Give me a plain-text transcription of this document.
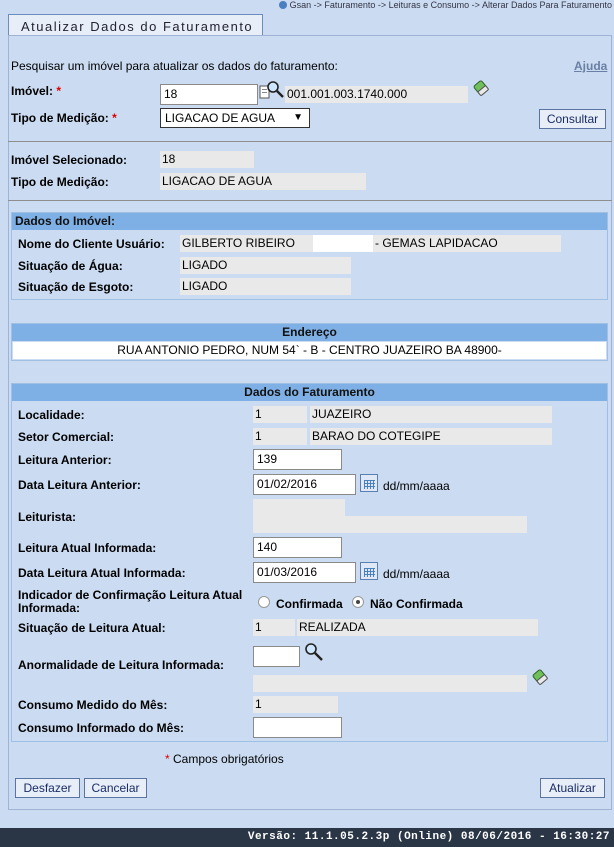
Gsan -> Faturamento -> Leituras e Consumo -> Alterar Dados Para Faturamento
Atualizar Dados do Faturamento
Pesquisar um imóvel para atualizar os dados do faturamento:	Ajuda
Imóvel: *	18	001.001.003.1740.000
Tipo de Medição: *	LIGACAO DE AGUA ▼	Consultar
Imóvel Selecionado:	18
Tipo de Medição:	LIGACAO DE AGUA
Dados do Imóvel:
Nome do Cliente Usuário: GILBERTO RIBEIRO	- GEMAS LAPIDACAO
Situação de Água:	LIGADO
Situação de Esgoto:	LIGADO
Endereço
RUA ANTONIO PEDRO, NUM 54` - B - CENTRO JUAZEIRO BA 48900-
Dados do Faturamento
Localidade:	1	JUAZEIRO
Setor Comercial:	1	BARAO DO COTEGIPE
Leitura Anterior:	139
Data Leitura Anterior:	01/02/2016	dd/mm/aaaa
Leiturista:
Leitura Atual Informada:	140
Data Leitura Atual Informada:	01/03/2016	dd/mm/aaaa
Indicador de Confirmação Leitura Atual
Informada:	Confirmada Não Confirmada
Situação de Leitura Atual:	1	REALIZADA
Anormalidade de Leitura Informada:
Consumo Medido do Mês:	1
Consumo Informado do Mês:
* Campos obrigatórios
Desfazer	Cancelar	Atualizar
Versão: 11.1.05.2.3p (Online) 08/06/2016 - 16:30:27
